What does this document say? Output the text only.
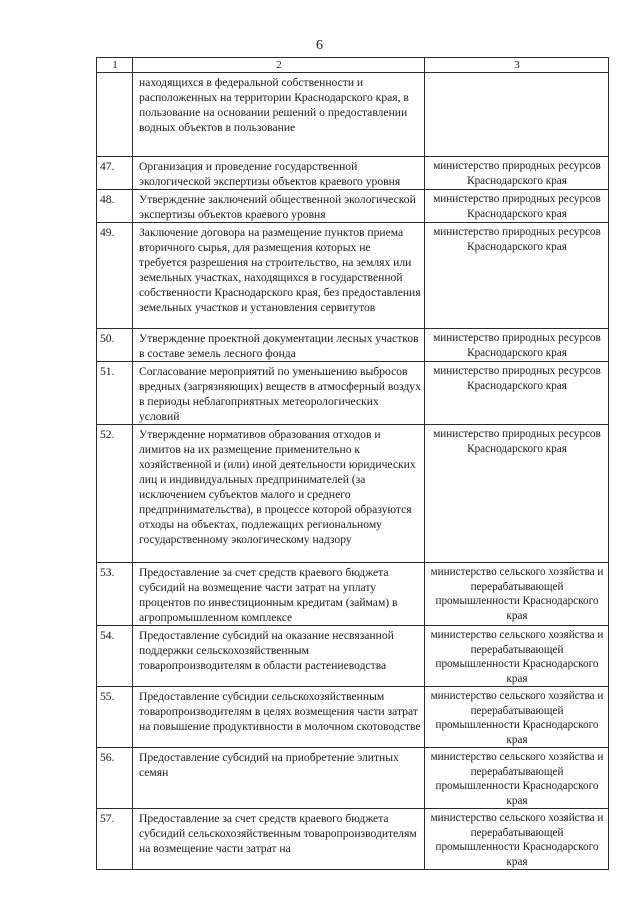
6
1	2	3
	находящихся в федеральной собственности и расположенных на территории Краснодарского края, в пользование на основании решений о предоставлении водных объектов в пользование	
47.	Организация и проведение государственной экологической экспертизы объектов краевого уровня	министерство природных ресурсов Краснодарского края
48.	Утверждение заключений общественной экологической экспертизы объектов краевого уровня	министерство природных ресурсов Краснодарского края
49.	Заключение договора на размещение пунктов приема вторичного сырья, для размещения которых не требуется разрешения на строительство, на землях или земельных участках, находящихся в государственной собственности Краснодарского края, без предоставления земельных участков и установления сервитутов	министерство природных ресурсов Краснодарского края
50.	Утверждение проектной документации лесных участков в составе земель лесного фонда	министерство природных ресурсов Краснодарского края
51.	Согласование мероприятий по уменьшению выбросов вредных (загрязняющих) веществ в атмосферный воздух в периоды неблагоприятных метеорологических условий	министерство природных ресурсов Краснодарского края
52.	Утверждение нормативов образования отходов и лимитов на их размещение применительно к хозяйственной и (или) иной деятельности юридических лиц и индивидуальных предпринимателей (за исключением субъектов малого и среднего предпринимательства), в процессе которой образуются отходы на объектах, подлежащих региональному государственному экологическому надзору	министерство природных ресурсов Краснодарского края
53.	Предоставление за счет средств краевого бюджета субсидий на возмещение части затрат на уплату процентов по инвестиционным кредитам (займам) в агропромышленном комплексе	министерство сельского хозяйства и перерабатывающей промышленности Краснодарского края
54.	Предоставление субсидий на оказание несвязанной поддержки сельскохозяйственным товаропроизводителям в области растениеводства	министерство сельского хозяйства и перерабатывающей промышленности Краснодарского края
55.	Предоставление субсидии сельскохозяйственным товаропроизводителям в целях возмещения части затрат на повышение продуктивности в молочном скотоводстве	министерство сельского хозяйства и перерабатывающей промышленности Краснодарского края
56.	Предоставление субсидий на приобретение элитных семян	министерство сельского хозяйства и перерабатывающей промышленности Краснодарского края
57.	Предоставление за счет средств краевого бюджета субсидий сельскохозяйственным товаропроизводителям на возмещение части затрат на	министерство сельского хозяйства и перерабатывающей промышленности Краснодарского края
